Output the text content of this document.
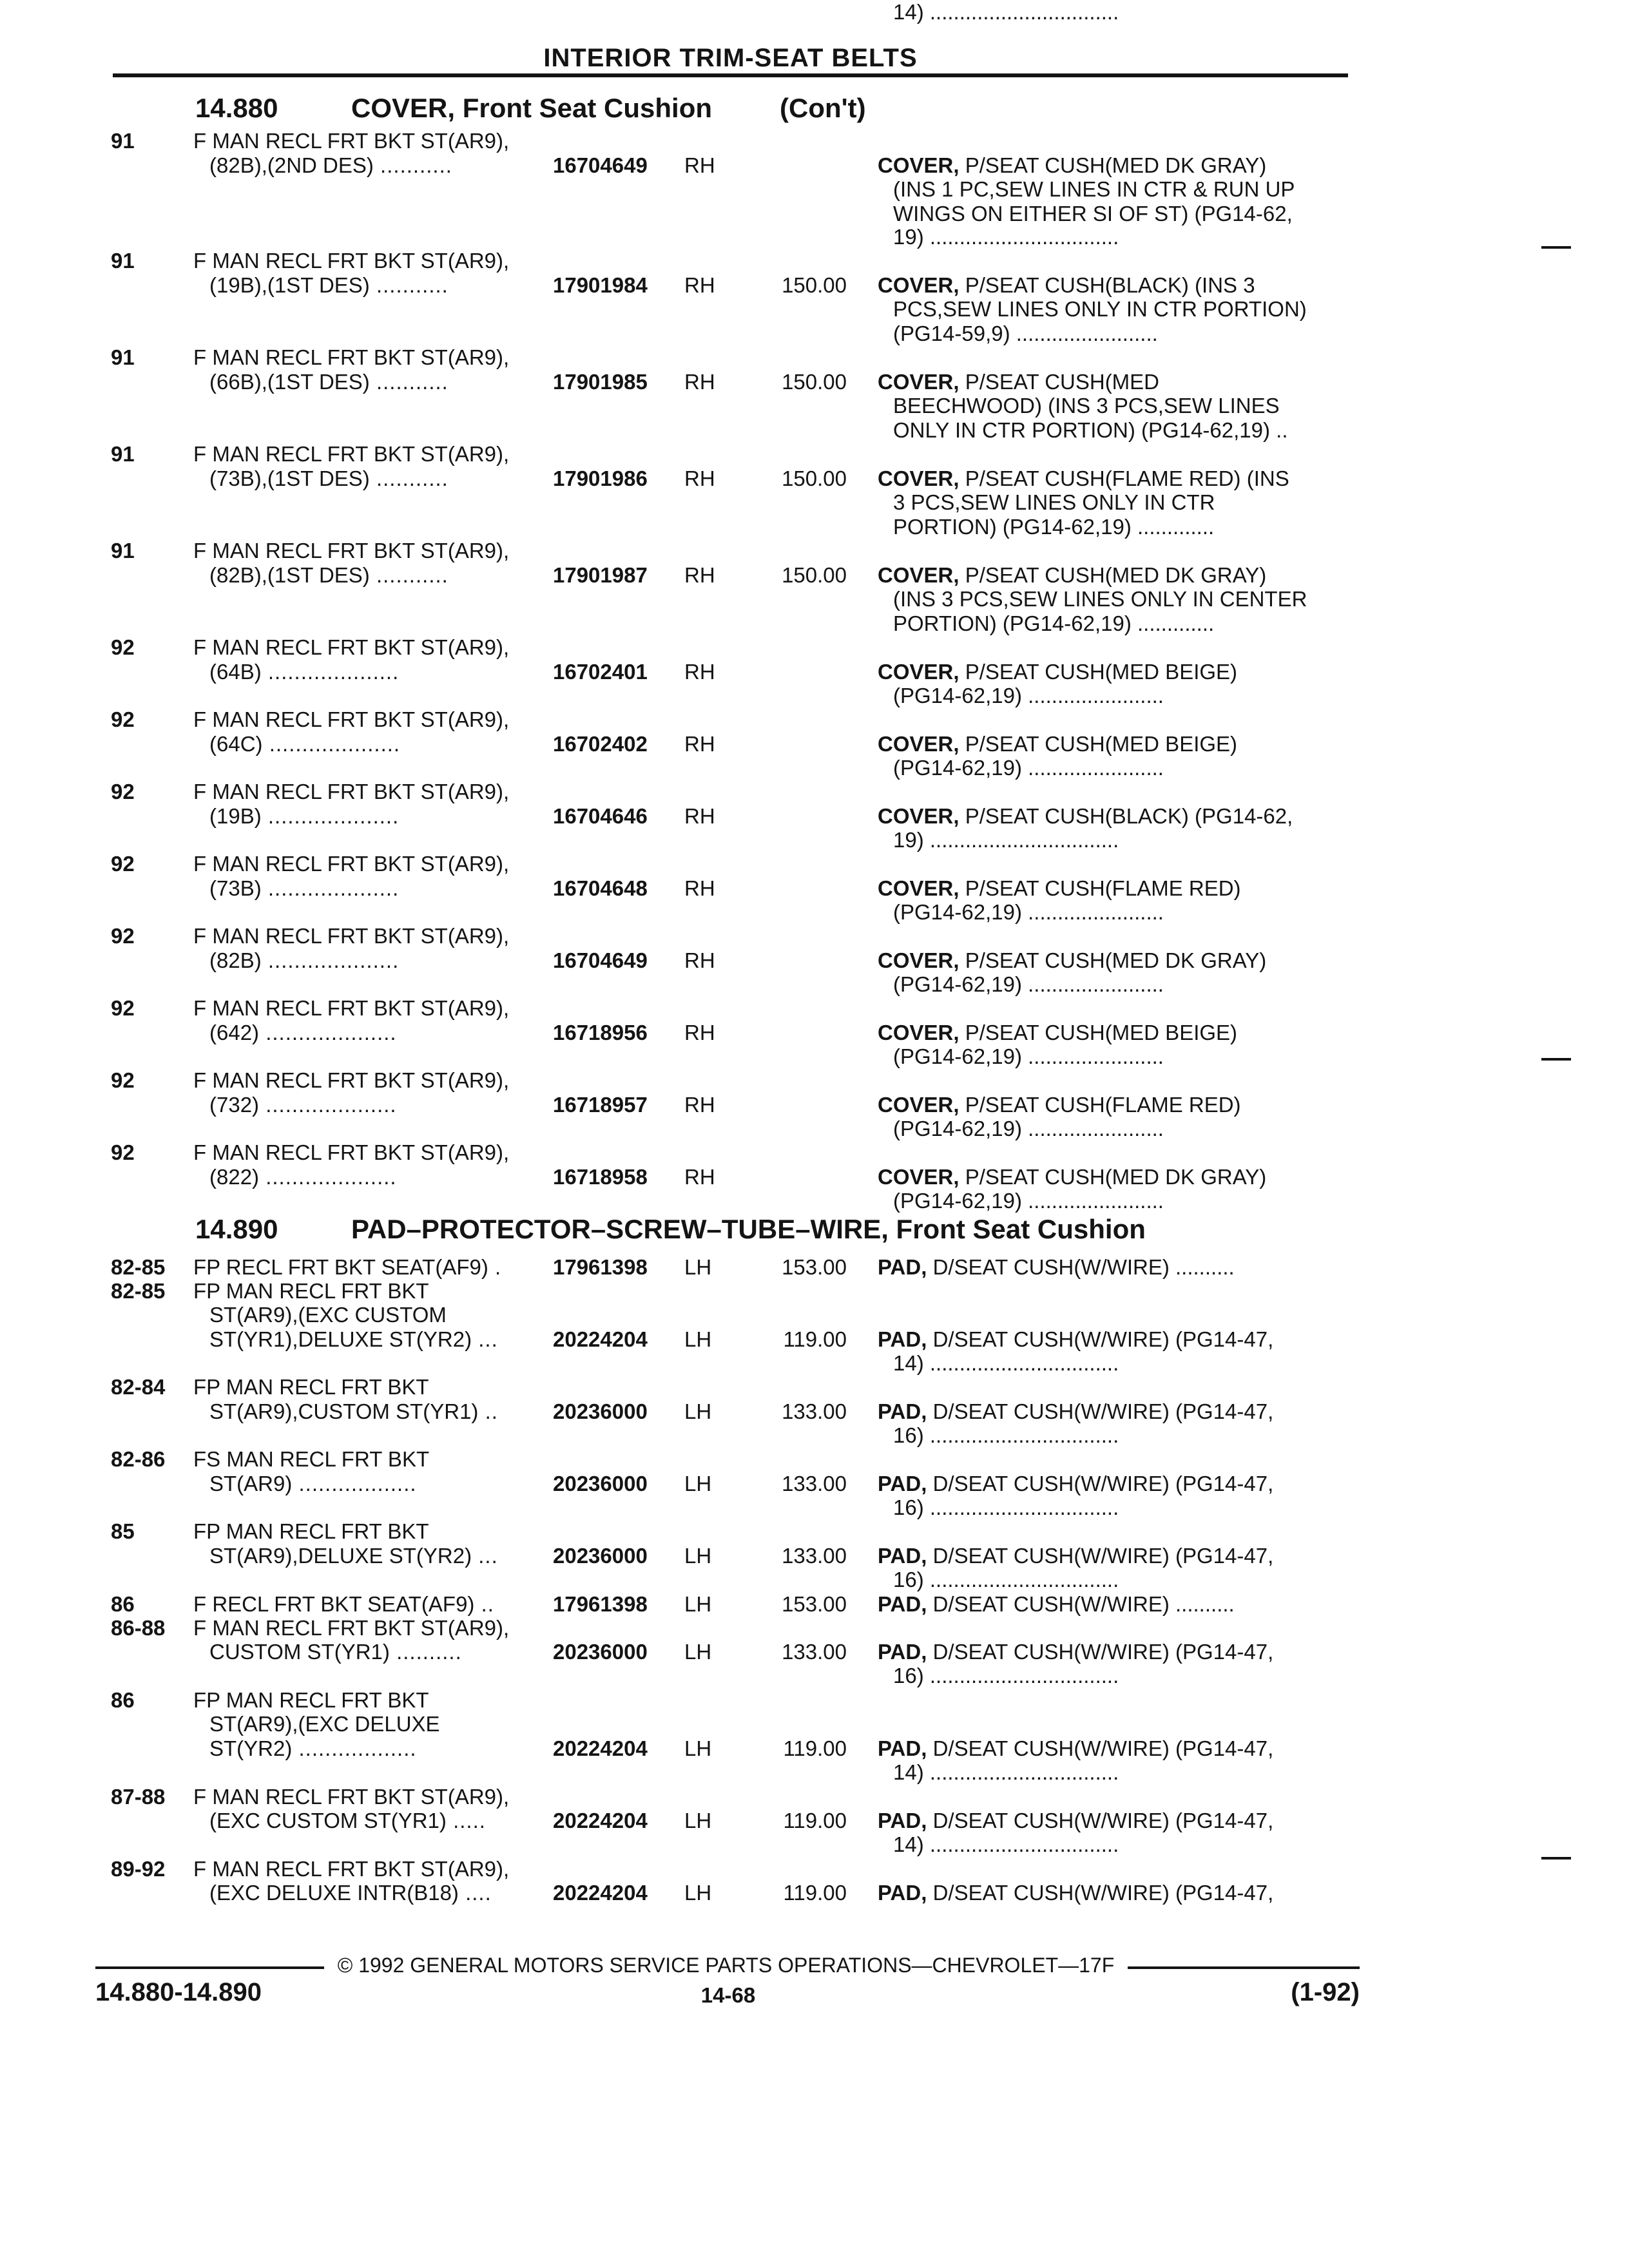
INTERIOR TRIM-SEAT BELTS
14.880	COVER, Front Seat Cushion (Con't)
14.890	PAD–PROTECTOR–SCREW–TUBE–WIRE, Front Seat Cushion
91	F MAN RECL FRT BKT ST(AR9),
(82B),(2ND DES) ...........	16704649 RH	COVER, P/SEAT CUSH(MED DK GRAY)
(INS 1 PC,SEW LINES IN CTR & RUN UP
WINGS ON EITHER SI OF ST) (PG14-62,
19) ................................
91	F MAN RECL FRT BKT ST(AR9),
(19B),(1ST DES) ...........	17901984 RH	150.00 COVER, P/SEAT CUSH(BLACK) (INS 3
PCS,SEW LINES ONLY IN CTR PORTION)
(PG14-59,9) ........................
91	F MAN RECL FRT BKT ST(AR9),
(66B),(1ST DES) ...........	17901985 RH	150.00 COVER, P/SEAT CUSH(MED
BEECHWOOD) (INS 3 PCS,SEW LINES
ONLY IN CTR PORTION) (PG14-62,19) ..
91	F MAN RECL FRT BKT ST(AR9),
(73B),(1ST DES) ...........	17901986 RH	150.00 COVER, P/SEAT CUSH(FLAME RED) (INS
3 PCS,SEW LINES ONLY IN CTR
PORTION) (PG14-62,19) .............
91	F MAN RECL FRT BKT ST(AR9),
(82B),(1ST DES) ...........	17901987 RH	150.00 COVER, P/SEAT CUSH(MED DK GRAY)
(INS 3 PCS,SEW LINES ONLY IN CENTER
PORTION) (PG14-62,19) .............
92	F MAN RECL FRT BKT ST(AR9),
(64B) ....................	16702401 RH	COVER, P/SEAT CUSH(MED BEIGE)
(PG14-62,19) .......................
92	F MAN RECL FRT BKT ST(AR9),
(64C) ....................	16702402 RH	COVER, P/SEAT CUSH(MED BEIGE)
(PG14-62,19) .......................
92	F MAN RECL FRT BKT ST(AR9),
(19B) ....................	16704646 RH	COVER, P/SEAT CUSH(BLACK) (PG14-62,
19) ................................
92	F MAN RECL FRT BKT ST(AR9),
(73B) ....................	16704648 RH	COVER, P/SEAT CUSH(FLAME RED)
(PG14-62,19) .......................
92	F MAN RECL FRT BKT ST(AR9),
(82B) ....................	16704649 RH	COVER, P/SEAT CUSH(MED DK GRAY)
(PG14-62,19) .......................
92	F MAN RECL FRT BKT ST(AR9),
(642) ....................	16718956 RH	COVER, P/SEAT CUSH(MED BEIGE)
(PG14-62,19) .......................
92	F MAN RECL FRT BKT ST(AR9),
(732) ....................	16718957 RH	COVER, P/SEAT CUSH(FLAME RED)
(PG14-62,19) .......................
92	F MAN RECL FRT BKT ST(AR9),
(822) ....................	16718958 RH	COVER, P/SEAT CUSH(MED DK GRAY)
(PG14-62,19) .......................
82-85	FP RECL FRT BKT SEAT(AF9) . 17961398 LH	153.00 PAD, D/SEAT CUSH(W/WIRE) ..........
82-85	FP MAN RECL FRT BKT
ST(AR9),(EXC CUSTOM
ST(YR1),DELUXE ST(YR2) ...	20224204 LH	119.00 PAD, D/SEAT CUSH(W/WIRE) (PG14-47,
14) ................................
82-84	FP MAN RECL FRT BKT
ST(AR9),CUSTOM ST(YR1) ..	20236000 LH	133.00 PAD, D/SEAT CUSH(W/WIRE) (PG14-47,
16) ................................
82-86	FS MAN RECL FRT BKT
ST(AR9) ..................	20236000 LH	133.00 PAD, D/SEAT CUSH(W/WIRE) (PG14-47,
16) ................................
85	FP MAN RECL FRT BKT
ST(AR9),DELUXE ST(YR2) ...	20236000 LH	133.00 PAD, D/SEAT CUSH(W/WIRE) (PG14-47,
16) ................................
86	F RECL FRT BKT SEAT(AF9) ..	17961398 LH	153.00 PAD, D/SEAT CUSH(W/WIRE) ..........
86-88	F MAN RECL FRT BKT ST(AR9),
CUSTOM ST(YR1) ..........	20236000 LH	133.00 PAD, D/SEAT CUSH(W/WIRE) (PG14-47,
16) ................................
86	FP MAN RECL FRT BKT
ST(AR9),(EXC DELUXE
ST(YR2) ..................	20224204 LH	119.00 PAD, D/SEAT CUSH(W/WIRE) (PG14-47,
14) ................................
87-88	F MAN RECL FRT BKT ST(AR9),
(EXC CUSTOM ST(YR1) .....	20224204 LH	119.00 PAD, D/SEAT CUSH(W/WIRE) (PG14-47,
14) ................................
89-92	F MAN RECL FRT BKT ST(AR9),
(EXC DELUXE INTR(B18) ....	20224204 LH	119.00 PAD, D/SEAT CUSH(W/WIRE) (PG14-47,
14) ................................
© 1992 GENERAL MOTORS SERVICE PARTS OPERATIONS—CHEVROLET—17F
14.880-14.890	14-68	(1-92)
